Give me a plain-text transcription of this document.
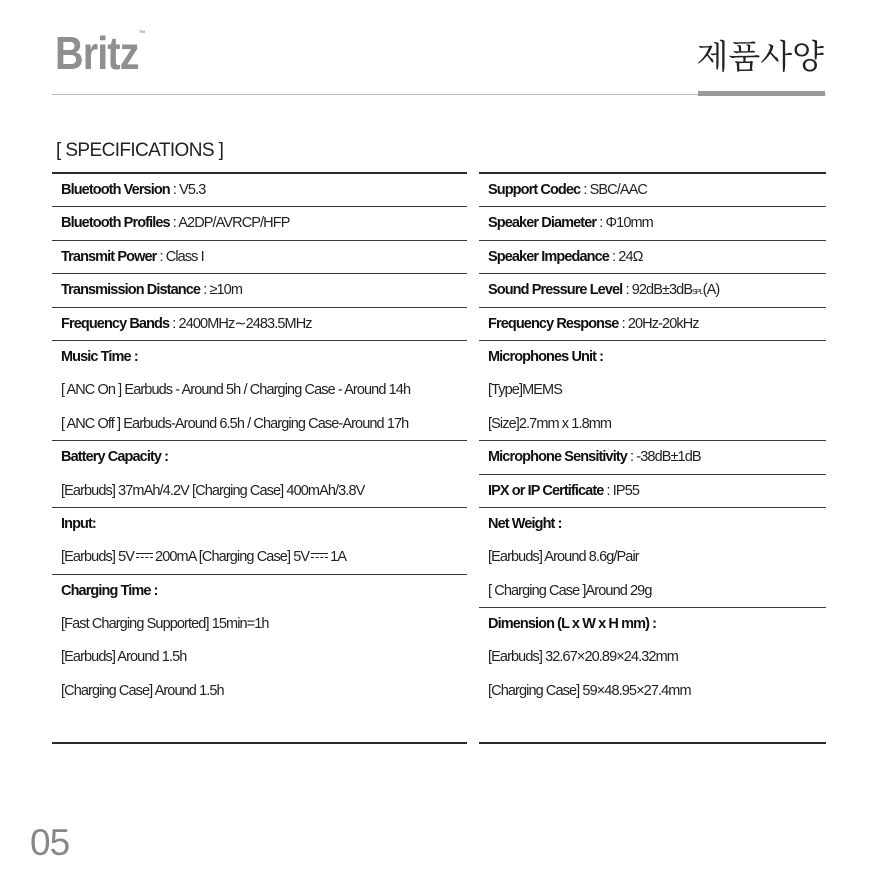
Britz™
제품사양
[ SPECIFICATIONS ]
Bluetooth Version : V5.3
Bluetooth Profiles : A2DP/AVRCP/HFP
Transmit Power : Class I
Transmission Distance : ≥10m
Frequency Bands : 2400MHz∼2483.5MHz
Music Time :
[ ANC On ] Earbuds - Around 5h / Charging Case - Around 14h
[ ANC Off ] Earbuds-Around 6.5h / Charging Case-Around 17h
Battery Capacity :
[Earbuds] 37mAh/4.2V [Charging Case] 400mAh/3.8V
Input:
[Earbuds] 5V 200mA [Charging Case] 5V 1A
Charging Time :
[Fast Charging Supported] 15min=1h
[Earbuds] Around 1.5h
[Charging Case] Around 1.5h
Support Codec : SBC/AAC
Speaker Diameter : Φ10mm
Speaker Impedance : 24Ω
Sound Pressure Level : 92dB±3dBSPL(A)
Frequency Response : 20Hz-20kHz
Microphones Unit :
[Type]MEMS
[Size]2.7mm x 1.8mm
Microphone Sensitivity : -38dB±1dB
IPX or IP Certificate : IP55
Net Weight :
[Earbuds] Around 8.6g/Pair
[ Charging Case ]Around 29g
Dimension (L x W x H mm) :
[Earbuds] 32.67×20.89×24.32mm
[Charging Case] 59×48.95×27.4mm
05
